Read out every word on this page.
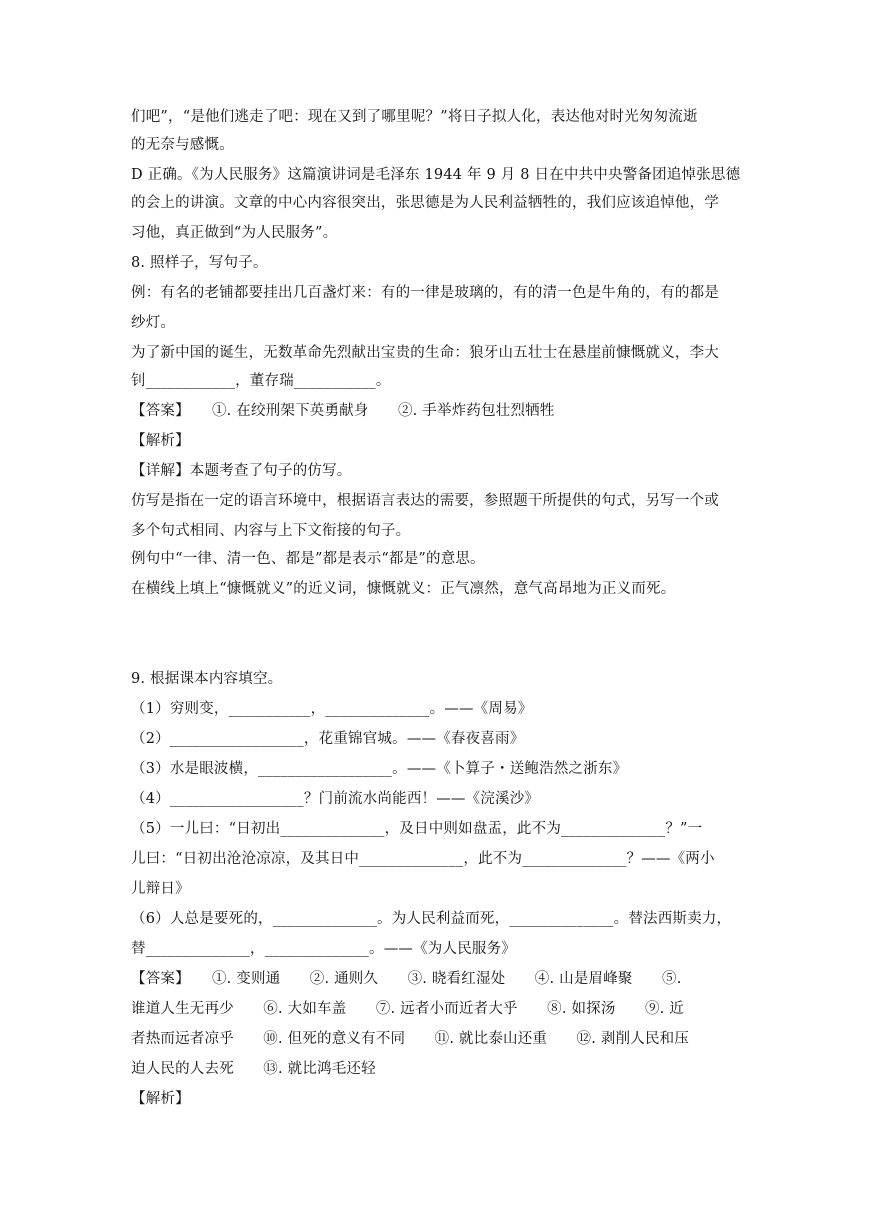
们吧”，“是他们逃走了吧：现在又到了哪里呢？”将日子拟人化，表达他对时光匆匆流逝
的无奈与感慨。
D 正确。《为人民服务》这篇演讲词是毛泽东 1944 年 9 月 8 日在中共中央警备团追悼张思德
的会上的讲演。文章的中心内容很突出，张思德是为人民利益牺牲的，我们应该追悼他，学
习他，真正做到“为人民服务”。
8. 照样子，写句子。
例：有名的老铺都要挂出几百盏灯来：有的一律是玻璃的，有的清一色是牛角的，有的都是
纱灯。
为了新中国的诞生，无数革命先烈献出宝贵的生命：狼牙山五壮士在悬崖前慷慨就义，李大
钊____________，董存瑞___________。
【答案】　　①. 在绞刑架下英勇献身　　②. 手举炸药包壮烈牺牲
【解析】
【详解】本题考查了句子的仿写。
仿写是指在一定的语言环境中，根据语言表达的需要，参照题干所提供的句式，另写一个或
多个句式相同、内容与上下文衔接的句子。
例句中“一律、清一色、都是”都是表示“都是”的意思。
在横线上填上“慷慨就义”的近义词，慷慨就义：正气凛然，意气高昂地为正义而死。
9. 根据课本内容填空。
（1）穷则变，___________，______________。——《周易》
（2）__________________，花重锦官城。——《春夜喜雨》
（3）水是眼波横，__________________。——《卜算子・送鲍浩然之浙东》
（4）__________________？门前流水尚能西！——《浣溪沙》
（5）一儿曰：“日初出______________，及日中则如盘盂，此不为______________？”一
儿曰：“日初出沧沧凉凉，及其日中______________，此不为______________？——《两小
儿辩日》
（6）人总是要死的，______________。为人民利益而死，______________。替法西斯卖力，
替______________，______________。——《为人民服务》
【答案】　　①. 变则通　　②. 通则久　　③. 晓看红湿处　　④. 山是眉峰聚　　⑤.
谁道人生无再少　　⑥. 大如车盖　　⑦. 远者小而近者大乎　　⑧. 如探汤　　⑨. 近
者热而远者凉乎　　⑩. 但死的意义有不同　　⑪. 就比泰山还重　　⑫. 剥削人民和压
迫人民的人去死　　⑬. 就比鸿毛还轻
【解析】
